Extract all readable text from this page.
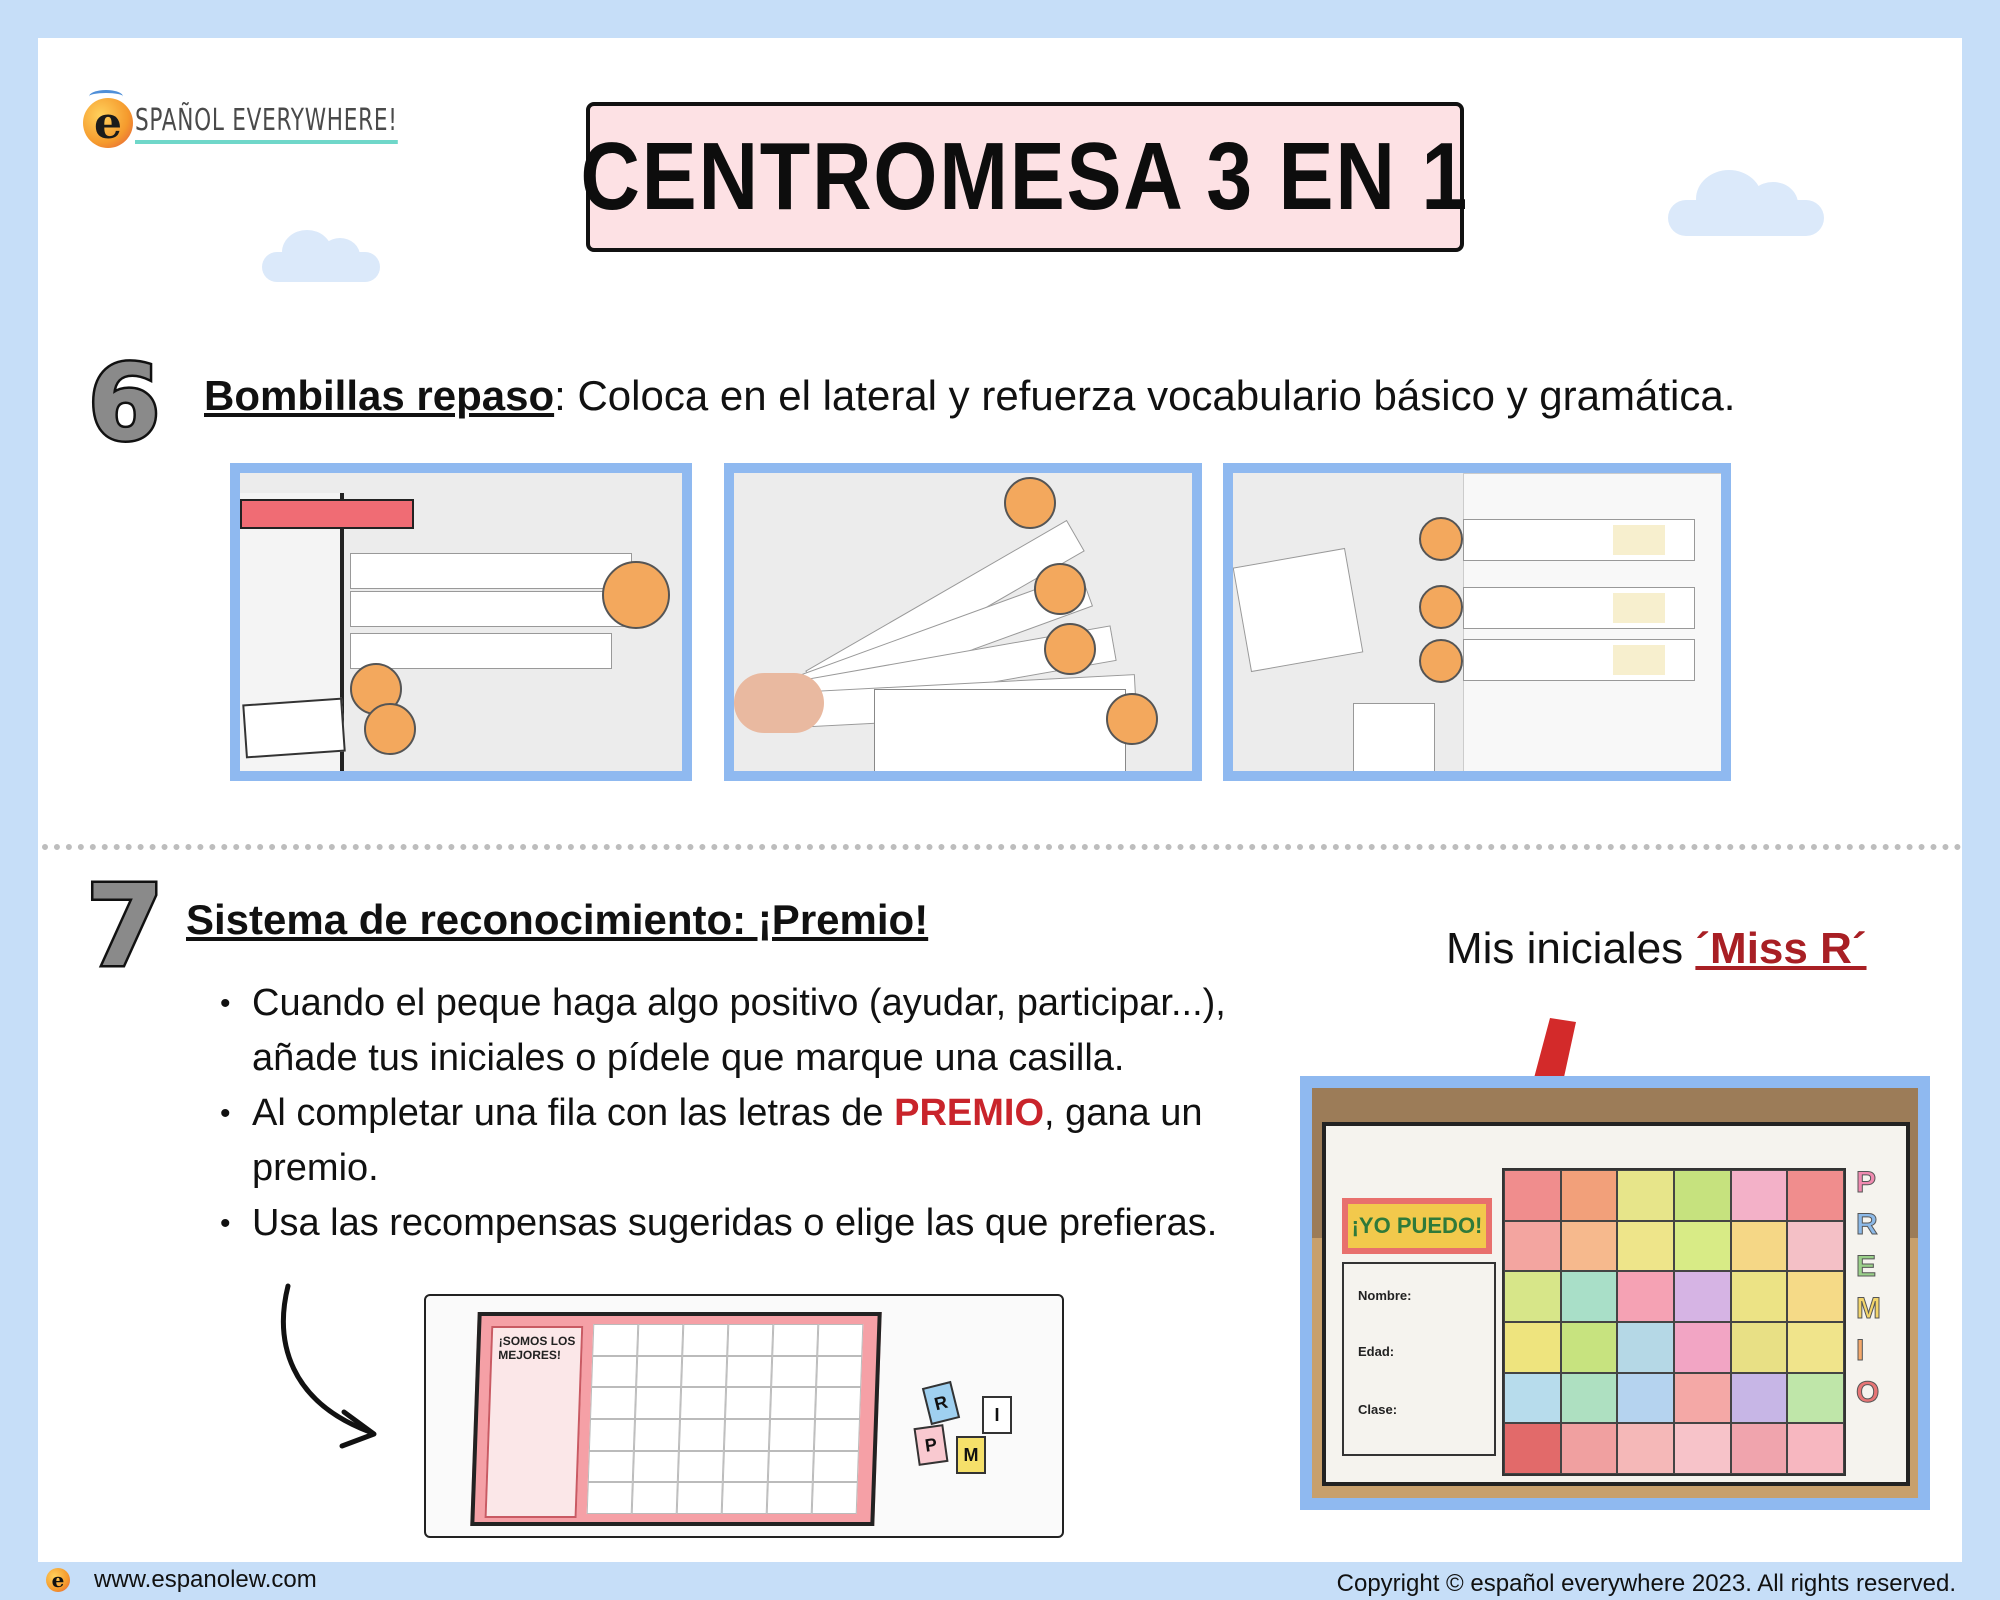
e SPAÑOL EVERYWHERE!
CENTROMESA 3 EN 1
6 Bombillas repaso: Coloca en el lateral y refuerza vocabulario básico y gramática.
7 Sistema de reconocimiento: ¡Premio!
• Cuando el peque haga algo positivo (ayudar, participar...), añade tus iniciales o pídele que marque una casilla.
• Al completar una fila con las letras de PREMIO, gana un premio.
• Usa las recompensas sugeridas o elige las que prefieras.
¡SOMOS LOS MEJORES!
R
P	M
I
Mis iniciales ´Miss R´
¡YO PUEDO!
Nombre:
Edad:
Clase:
P
R
E
M
I
O
e www.espanolew.com	Copyright © español everywhere 2023. All rights reserved.
